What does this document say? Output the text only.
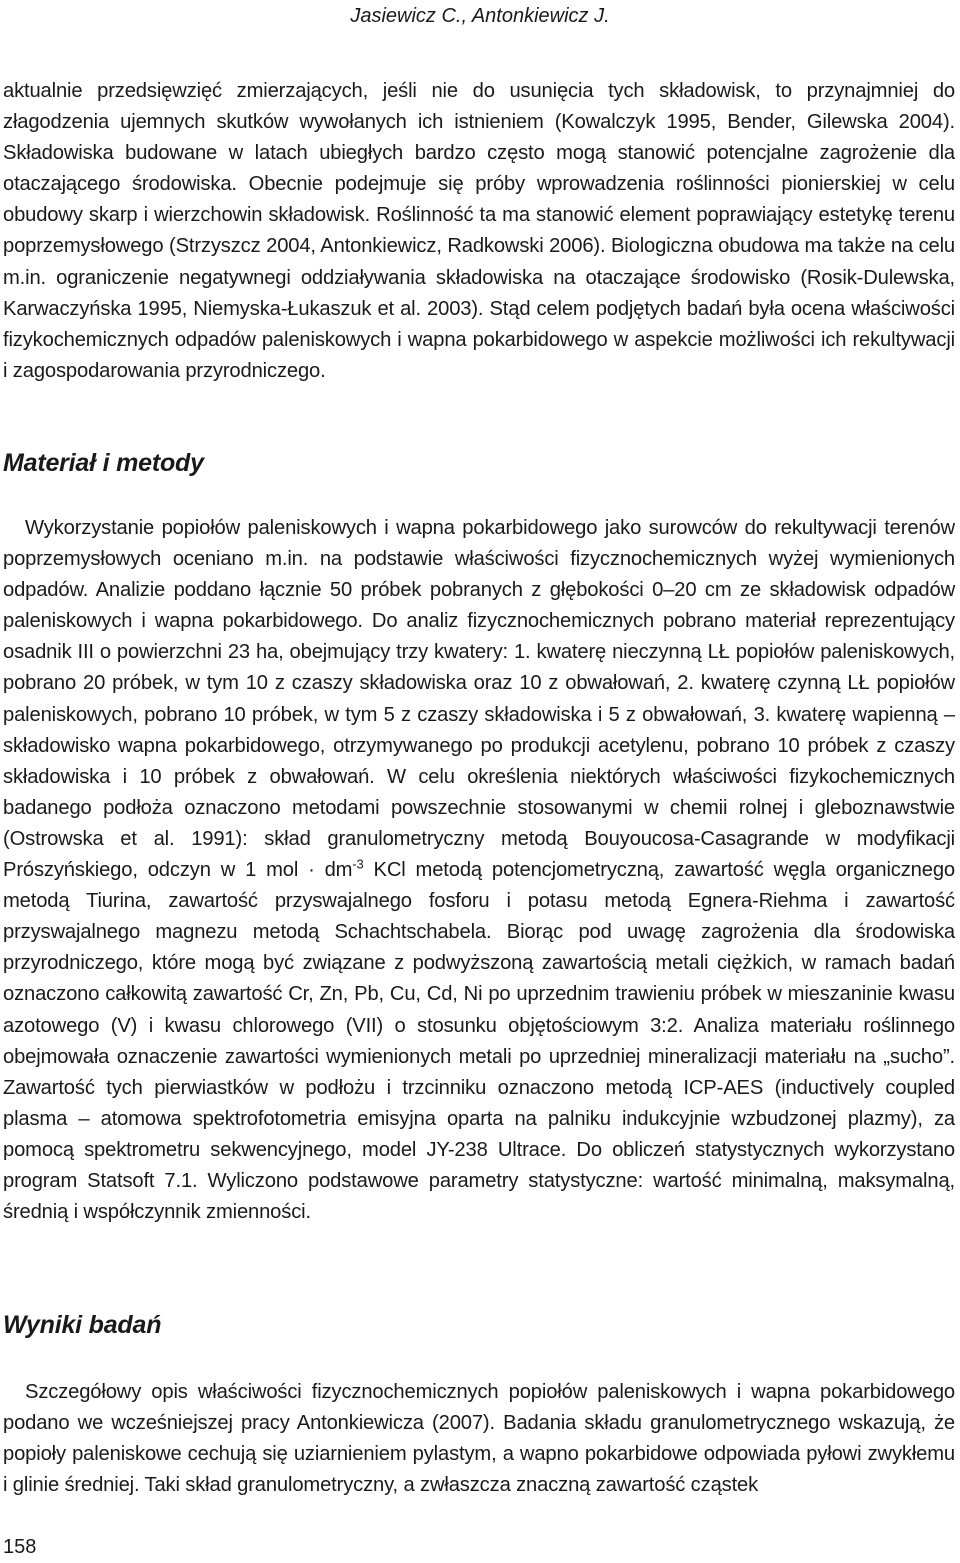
Jasiewicz C., Antonkiewicz J.

aktualnie przedsięwzięć zmierzających, jeśli nie do usunięcia tych składowisk, to przynajmniej do złagodzenia ujemnych skutków wywołanych ich istnieniem (Kowalczyk 1995, Bender, Gilewska 2004). Składowiska budowane w latach ubiegłych bardzo często mogą stanowić potencjalne zagrożenie dla otaczającego środowiska. Obecnie podejmuje się próby wprowadzenia roślinności pionierskiej w celu obudowy skarp i wierzchowin składowisk. Roślinność ta ma stanowić element poprawiający estetykę terenu poprzemysłowego (Strzyszcz 2004, Antonkiewicz, Radkowski 2006). Biologiczna obudowa ma także na celu m.in. ograniczenie negatywnegi oddziaływania składowiska na otaczające środowisko (Rosik-Dulewska, Karwaczyńska 1995, Niemyska-Łukaszuk et al. 2003). Stąd celem podjętych badań była ocena właściwości fizykochemicznych odpadów paleniskowych i wapna pokarbidowego w aspekcie możliwości ich rekultywacji i zagospodarowania przyrodniczego.

Materiał i metody

Wykorzystanie popiołów paleniskowych i wapna pokarbidowego jako surowców do rekultywacji terenów poprzemysłowych oceniano m.in. na podstawie właściwości fizycznochemicznych wyżej wymienionych odpadów. Analizie poddano łącznie 50 próbek pobranych z głębokości 0–20 cm ze składowisk odpadów paleniskowych i wapna pokarbidowego. Do analiz fizycznochemicznych pobrano materiał reprezentujący osadnik III o powierzchni 23 ha, obejmujący trzy kwatery: 1. kwaterę nieczynną LŁ popiołów paleniskowych, pobrano 20 próbek, w tym 10 z czaszy składowiska oraz 10 z obwałowań, 2. kwaterę czynną LŁ popiołów paleniskowych, pobrano 10 próbek, w tym 5 z czaszy składowiska i 5 z obwałowań, 3. kwaterę wapienną – składowisko wapna pokarbidowego, otrzymywanego po produkcji acetylenu, pobrano 10 próbek z czaszy składowiska i 10 próbek z obwałowań. W celu określenia niektórych właściwości fizykochemicznych badanego podłoża oznaczono metodami powszechnie stosowanymi w chemii rolnej i gleboznawstwie (Ostrowska et al. 1991): skład granulometryczny metodą Bouyoucosa-Casagrande w modyfikacji Prószyńskiego, odczyn w 1 mol · $dm^{-3}$ KCl metodą potencjometryczną, zawartość węgla organicznego metodą Tiurina, zawartość przyswajalnego fosforu i potasu metodą Egnera-Riehma i zawartość przyswajalnego magnezu metodą Schachtschabela. Biorąc pod uwagę zagrożenia dla środowiska przyrodniczego, które mogą być związane z podwyższoną zawartością metali ciężkich, w ramach badań oznaczono całkowitą zawartość Cr, Zn, Pb, Cu, Cd, Ni po uprzednim trawieniu próbek w mieszaninie kwasu azotowego (V) i kwasu chlorowego (VII) o stosunku objętościowym 3:2. Analiza materiału roślinnego obejmowała oznaczenie zawartości wymienionych metali po uprzedniej mineralizacji materiału na „sucho”. Zawartość tych pierwiastków w podłożu i trzcinniku oznaczono metodą ICP-AES (inductively coupled plasma – atomowa spektrofotometria emisyjna oparta na palniku indukcyjnie wzbudzonej plazmy), za pomocą spektrometru sekwencyjnego, model JY-238 Ultrace. Do obliczeń statystycznych wykorzystano program Statsoft 7.1. Wyliczono podstawowe parametry statystyczne: wartość minimalną, maksymalną, średnią i współczynnik zmienności.

Wyniki badań

Szczegółowy opis właściwości fizycznochemicznych popiołów paleniskowych i wapna pokarbidowego podano we wcześniejszej pracy Antonkiewicza (2007). Badania składu granulometrycznego wskazują, że popioły paleniskowe cechują się uziarnieniem pylastym, a wapno pokarbidowe odpowiada pyłowi zwykłemu i glinie średniej. Taki skład granulometryczny, a zwłaszcza znaczną zawartość cząstek

158
